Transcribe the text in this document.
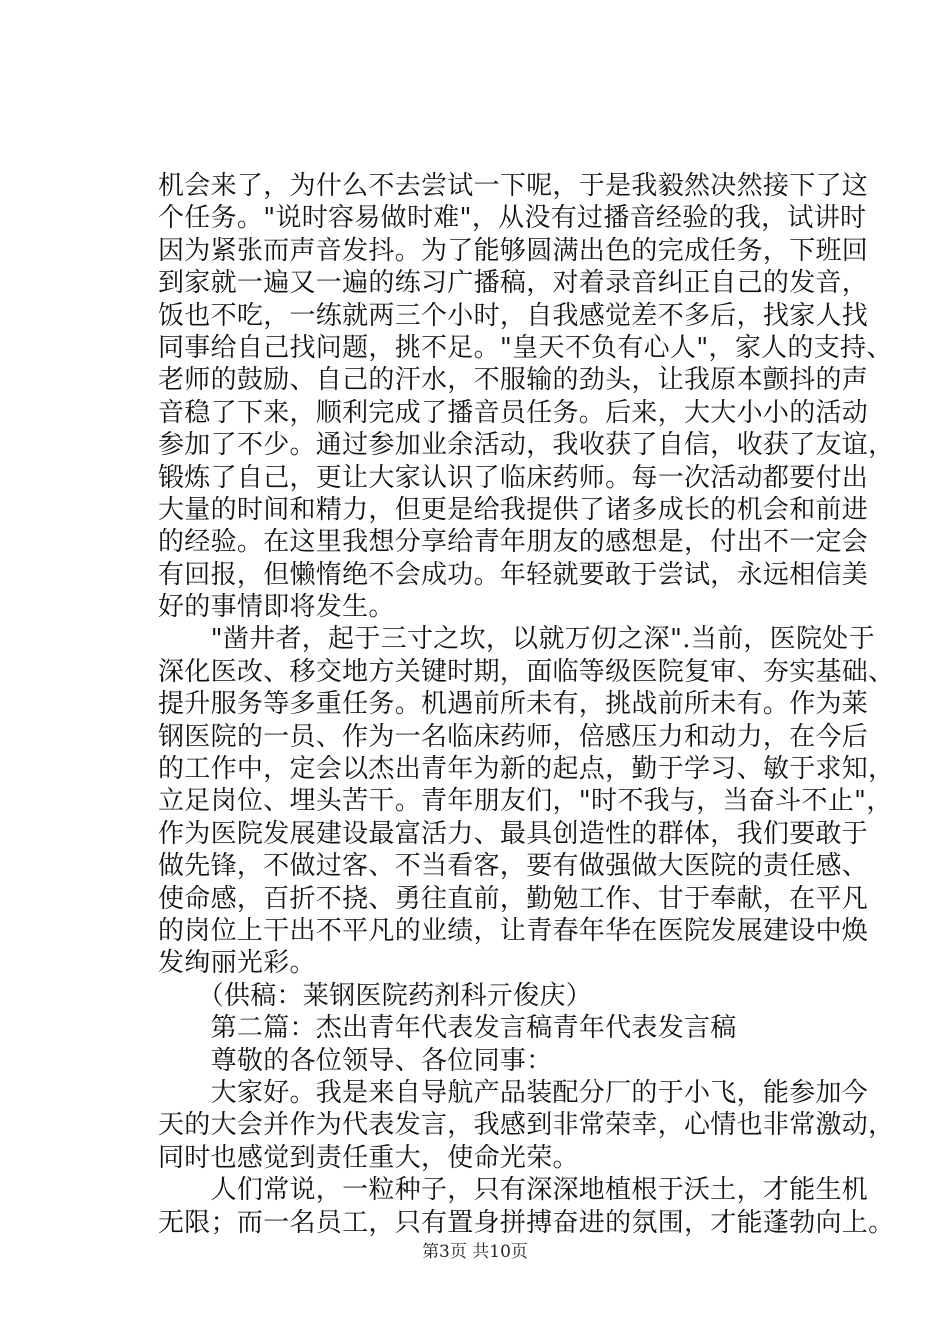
机会来了，为什么不去尝试一下呢，于是我毅然决然接下了这
个任务。"说时容易做时难"，从没有过播音经验的我，试讲时
因为紧张而声音发抖。为了能够圆满出色的完成任务，下班回
到家就一遍又一遍的练习广播稿，对着录音纠正自己的发音，
饭也不吃，一练就两三个小时，自我感觉差不多后，找家人找
同事给自己找问题，挑不足。"皇天不负有心人"，家人的支持、
老师的鼓励、自己的汗水，不服输的劲头，让我原本颤抖的声
音稳了下来，顺利完成了播音员任务。后来，大大小小的活动
参加了不少。通过参加业余活动，我收获了自信，收获了友谊，
锻炼了自己，更让大家认识了临床药师。每一次活动都要付出
大量的时间和精力，但更是给我提供了诸多成长的机会和前进
的经验。在这里我想分享给青年朋友的感想是，付出不一定会
有回报，但懒惰绝不会成功。年轻就要敢于尝试，永远相信美
好的事情即将发生。
　　"凿井者，起于三寸之坎，以就万仞之深".当前，医院处于
深化医改、移交地方关键时期，面临等级医院复审、夯实基础、
提升服务等多重任务。机遇前所未有，挑战前所未有。作为莱
钢医院的一员、作为一名临床药师，倍感压力和动力，在今后
的工作中，定会以杰出青年为新的起点，勤于学习、敏于求知，
立足岗位、埋头苦干。青年朋友们，"时不我与，当奋斗不止"，
作为医院发展建设最富活力、最具创造性的群体，我们要敢于
做先锋，不做过客、不当看客，要有做强做大医院的责任感、
使命感，百折不挠、勇往直前，勤勉工作、甘于奉献，在平凡
的岗位上干出不平凡的业绩，让青春年华在医院发展建设中焕
发绚丽光彩。
　　（供稿：莱钢医院药剂科亓俊庆）
　　第二篇：杰出青年代表发言稿青年代表发言稿
　　尊敬的各位领导、各位同事：
　　大家好。我是来自导航产品装配分厂的于小飞，能参加今
天的大会并作为代表发言，我感到非常荣幸，心情也非常激动，
同时也感觉到责任重大，使命光荣。
　　人们常说，一粒种子，只有深深地植根于沃土，才能生机
无限；而一名员工，只有置身拼搏奋进的氛围，才能蓬勃向上。
第3页 共10页
